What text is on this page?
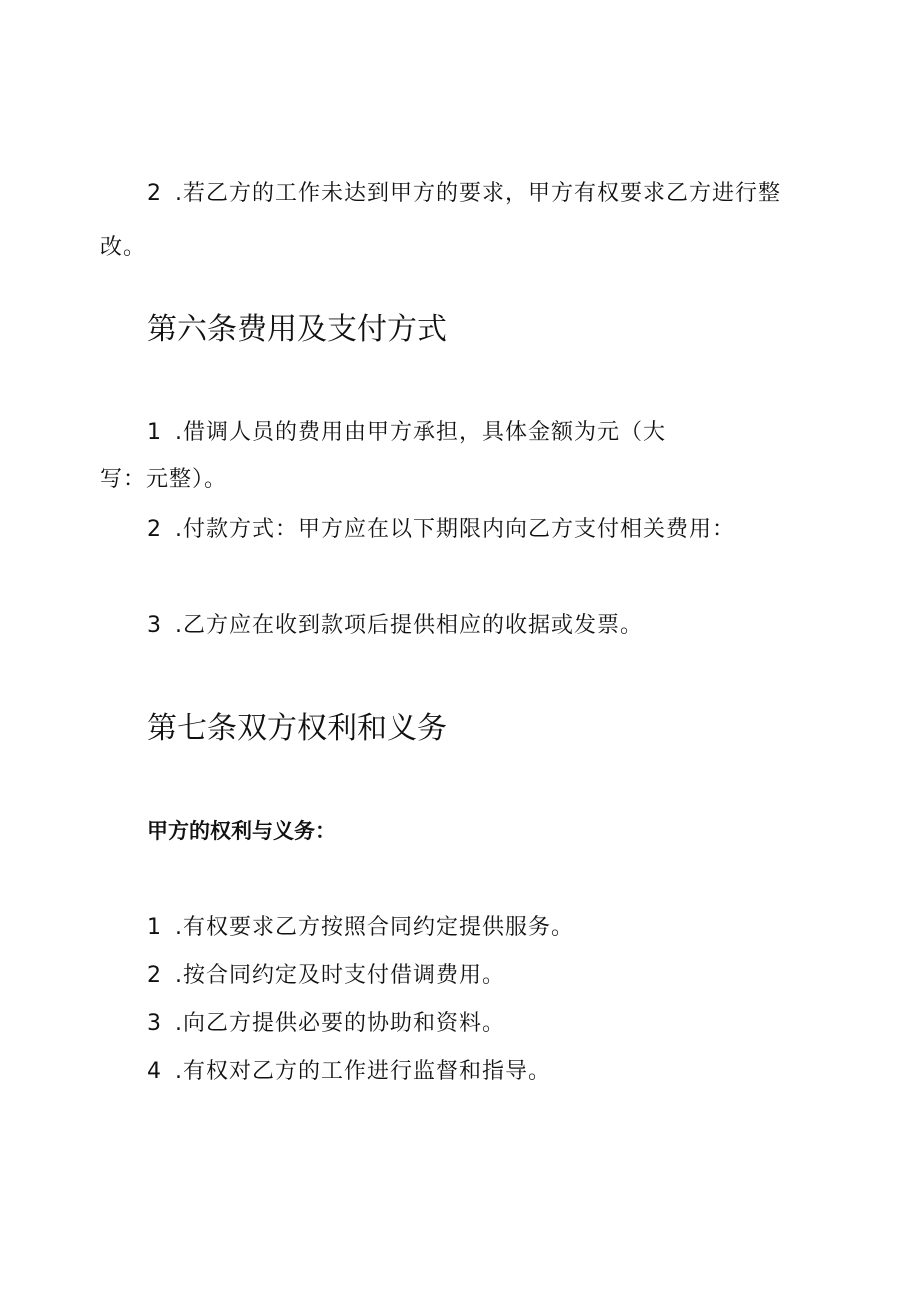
2 .若乙方的工作未达到甲方的要求，甲方有权要求乙方进行整
改。
第六条费用及支付方式
1 .借调人员的费用由甲方承担，具体金额为元（大
写：元整）。
2 .付款方式：甲方应在以下期限内向乙方支付相关费用：
3 .乙方应在收到款项后提供相应的收据或发票。
第七条双方权利和义务
甲方的权利与义务：
1 .有权要求乙方按照合同约定提供服务。
2 .按合同约定及时支付借调费用。
3 .向乙方提供必要的协助和资料。
4 .有权对乙方的工作进行监督和指导。
